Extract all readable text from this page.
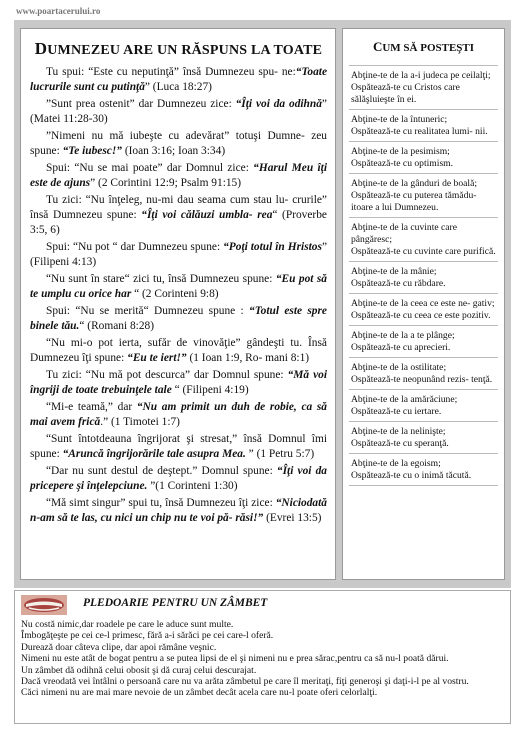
www.poartacerului.ro
DUMNEZEU ARE UN RĂSPUNS LA TOATE

Tu spui: “Este cu neputinţă” însă Dumnezeu spu- ne:“Toate lucrurile sunt cu putinţă” (Luca 18:27)

”Sunt prea ostenit” dar Dumnezeu zice: “Îţi voi da odihnă” (Matei 11:28-30)

”Nimeni nu mă iubeşte cu adevărat” totuşi Dumne- zeu spune: “Te iubesc!” (Ioan 3:16; Ioan 3:34)

Spui: “Nu se mai poate” dar Domnul zice: “Harul Meu îţi este de ajuns” (2 Corintini 12:9; Psalm 91:15)

Tu zici: “Nu înţeleg, nu-mi dau seama cum stau lu- crurile” însă Dumnezeu spune: “Îţi voi călăuzi umbla- rea“ (Proverbe 3:5, 6)

Spui: “Nu pot “ dar Dumnezeu spune: “Poţi totul în Hristos” (Filipeni 4:13)

“Nu sunt în stare“ zici tu, însă Dumnezeu spune: “Eu pot să te umplu cu orice har “ (2 Corinteni 9:8)

Spui: “Nu se merită“ Dumnezeu spune : “Totul este spre binele tău.“ (Romani 8:28)

“Nu mi-o pot ierta, sufăr de vinovăţie” gândeşti tu. Însă Dumnezeu îţi spune: “Eu te iert!” (1 Ioan 1:9, Ro- mani 8:1)

Tu zici: “Nu mă pot descurca” dar Domnul spune: “Mă voi îngriji de toate trebuinţele tale “ (Filipeni 4:19)

“Mi-e teamă,” dar “Nu am primit un duh de robie, ca să mai avem frică.” (1 Timotei 1:7)

“Sunt întotdeauna îngrijorat şi stresat,” însă Domnul îmi spune: “Aruncă îngrijorările tale asupra Mea. ” (1 Petru 5:7)

“Dar nu sunt destul de deştept.” Domnul spune: “Îţi voi da pricepere şi înţelepciune. ”(1 Corinteni 1:30)

“Mă simt singur” spui tu, însă Dumnezeu îţi zice: “Niciodată n-am să te las, cu nici un chip nu te voi pă- răsi!” (Evrei 13:5)

CUM SĂ POSTEŞTI
Abţine-te de la a-i judeca pe ceilalţi;
Ospătează-te cu Cristos care sălăşluieşte în ei.
Abţine-te de la întuneric;
Ospătează-te cu realitatea lumi- nii.
Abţine-te de la pesimism;
Ospătează-te cu optimism.
Abţine-te de la gânduri de boală;
Ospătează-te cu puterea tămădu- itoare a lui Dumnezeu.
Abţine-te de la cuvinte care pângăresc;
Ospătează-te cu cuvinte care purifică.
Abţine-te de la mânie;
Ospătează-te cu răbdare.
Abţine-te de la ceea ce este ne- gativ;
Ospătează-te cu ceea ce este pozitiv.
Abţine-te de la a te plânge;
Ospătează-te cu aprecieri.
Abţine-te de la ostilitate;
Ospătează-te neopunând rezis- tenţă.
Abţine-te de la amărăciune;
Ospătează-te cu iertare.
Abţine-te de la nelinişte;
Ospătează-te cu speranţă.
Abţine-te de la egoism;
Ospătează-te cu o inimă tăcută.
PLEDOARIE PENTRU UN ZÂMBET

Nu costă nimic,dar roadele pe care le aduce sunt multe.

Îmbogăţeşte pe cei ce-l primesc, fără a-i sărăci pe cei care-l oferă.

Durează doar câteva clipe, dar apoi rămâne veşnic.

Nimeni nu este atât de bogat pentru a se putea lipsi de el şi nimeni nu e prea sărac,pentru ca să nu-l poată dărui.

Un zâmbet dă odihnă celui obosit şi dă curaj celui descurajat.

Dacă vreodată vei întâlni o persoană care nu va arăta zâmbetul pe care îl meritaţi, fiţi generoşi şi daţi-i-l pe al vostru.

Căci nimeni nu are mai mare nevoie de un zâmbet decât acela care nu-l poate oferi celorlalţi.
